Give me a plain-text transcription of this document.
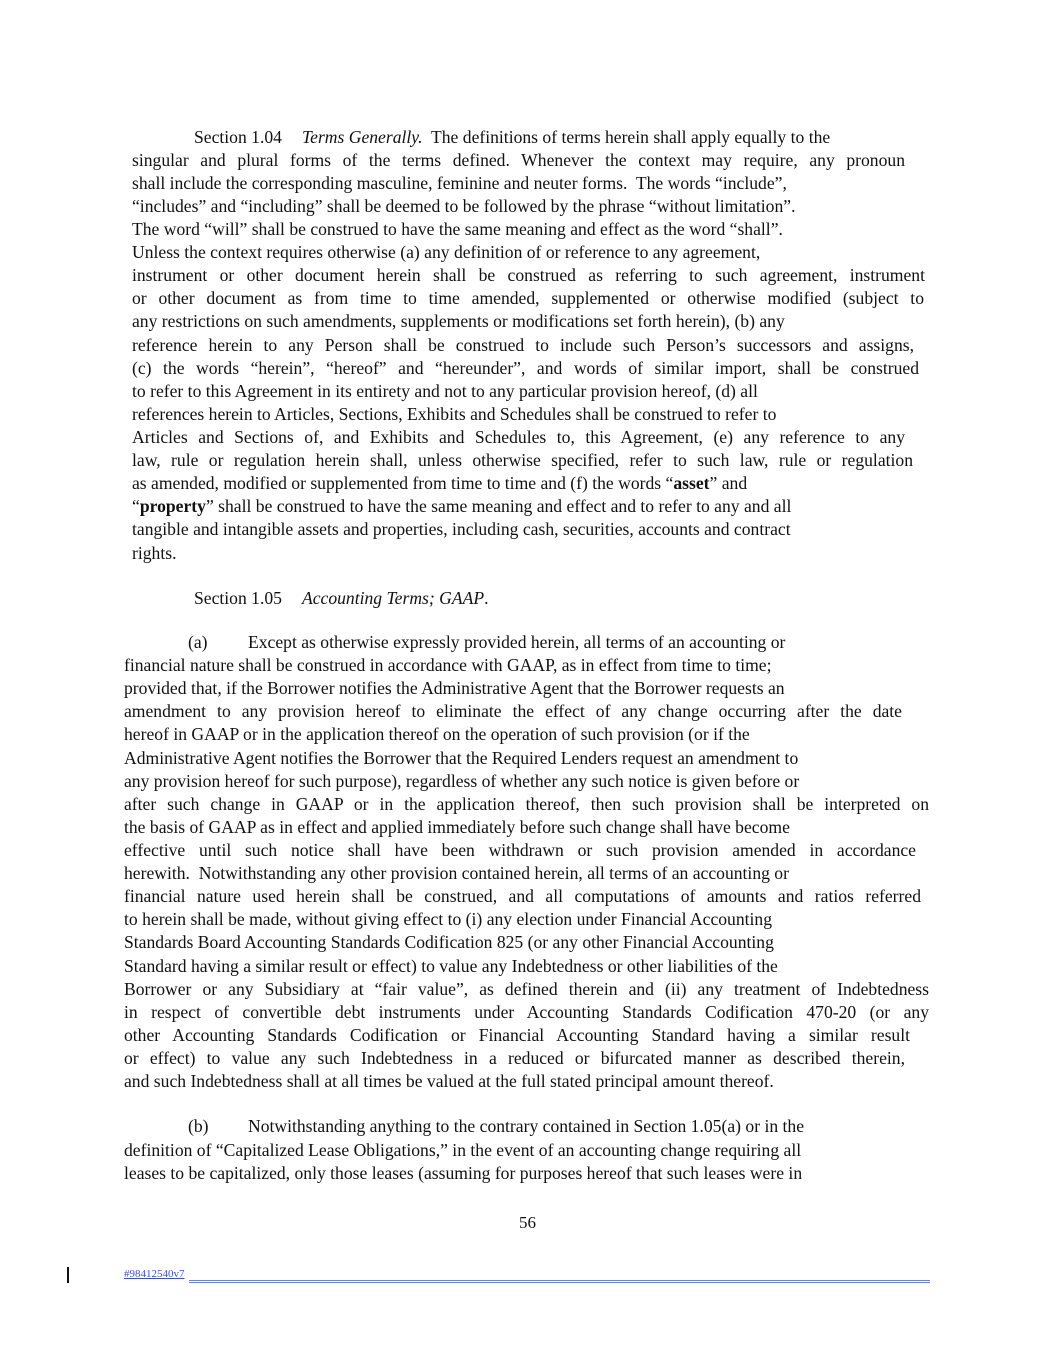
Section 1.04 Terms Generally. The definitions of terms herein shall apply equally to the
singular and plural forms of the terms defined. Whenever the context may require, any pronoun
shall include the corresponding masculine, feminine and neuter forms.  The words “include”,
“includes” and “including” shall be deemed to be followed by the phrase “without limitation”.
The word “will” shall be construed to have the same meaning and effect as the word “shall”.
Unless the context requires otherwise (a) any definition of or reference to any agreement,
instrument or other document herein shall be construed as referring to such agreement, instrument
or other document as from time to time amended, supplemented or otherwise modified (subject to
any restrictions on such amendments, supplements or modifications set forth herein), (b) any
reference herein to any Person shall be construed to include such Person’s successors and assigns,
(c) the words “herein”, “hereof” and “hereunder”, and words of similar import, shall be construed
to refer to this Agreement in its entirety and not to any particular provision hereof, (d) all
references herein to Articles, Sections, Exhibits and Schedules shall be construed to refer to
Articles and Sections of, and Exhibits and Schedules to, this Agreement, (e) any reference to any
law, rule or regulation herein shall, unless otherwise specified, refer to such law, rule or regulation
as amended, modified or supplemented from time to time and (f) the words “asset” and
“property” shall be construed to have the same meaning and effect and to refer to any and all
tangible and intangible assets and properties, including cash, securities, accounts and contract
rights.
Section 1.05 Accounting Terms; GAAP.
(a) Except as otherwise expressly provided herein, all terms of an accounting or
financial nature shall be construed in accordance with GAAP, as in effect from time to time;
provided that, if the Borrower notifies the Administrative Agent that the Borrower requests an
amendment to any provision hereof to eliminate the effect of any change occurring after the date
hereof in GAAP or in the application thereof on the operation of such provision (or if the
Administrative Agent notifies the Borrower that the Required Lenders request an amendment to
any provision hereof for such purpose), regardless of whether any such notice is given before or
after such change in GAAP or in the application thereof, then such provision shall be interpreted on
the basis of GAAP as in effect and applied immediately before such change shall have become
effective until such notice shall have been withdrawn or such provision amended in accordance
herewith.  Notwithstanding any other provision contained herein, all terms of an accounting or
financial nature used herein shall be construed, and all computations of amounts and ratios referred
to herein shall be made, without giving effect to (i) any election under Financial Accounting
Standards Board Accounting Standards Codification 825 (or any other Financial Accounting
Standard having a similar result or effect) to value any Indebtedness or other liabilities of the
Borrower or any Subsidiary at “fair value”, as defined therein and (ii) any treatment of Indebtedness
in respect of convertible debt instruments under Accounting Standards Codification 470-20 (or any
other Accounting Standards Codification or Financial Accounting Standard having a similar result
or effect) to value any such Indebtedness in a reduced or bifurcated manner as described therein,
and such Indebtedness shall at all times be valued at the full stated principal amount thereof.
(b) Notwithstanding anything to the contrary contained in Section 1.05(a) or in the
definition of “Capitalized Lease Obligations,” in the event of an accounting change requiring all
leases to be capitalized, only those leases (assuming for purposes hereof that such leases were in
56
#98412540v7
